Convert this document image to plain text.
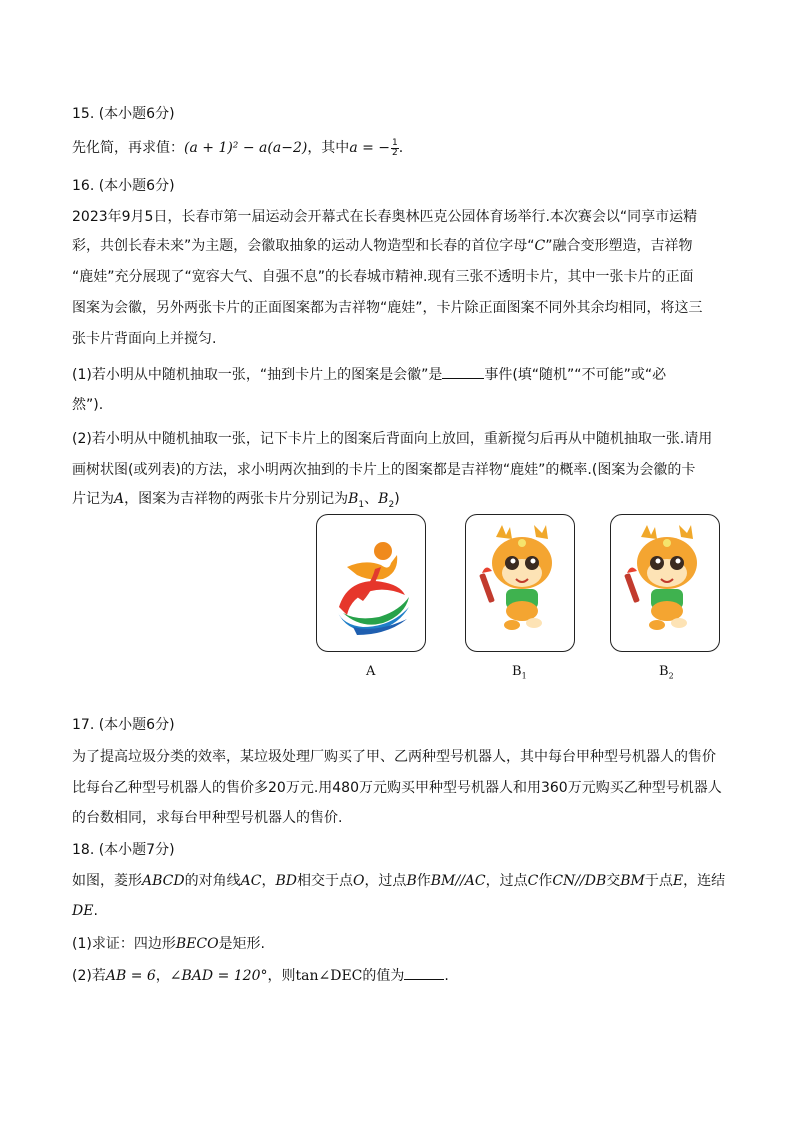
15. (本小题6分)
先化简，再求值：(a + 1)² − a(a−2)，其中a = − $\frac{1}{2}$ .
16. (本小题6分)
2023年9月5日，长春市第一届运动会开幕式在长春奥林匹克公园体育场举行.本次赛会以“同享市运精
彩，共创长春未来”为主题，会徽取抽象的运动人物造型和长春的首位字母“C”融合变形塑造，吉祥物
“鹿娃”充分展现了“宽容大气、自强不息”的长春城市精神.现有三张不透明卡片，其中一张卡片的正面
图案为会徽，另外两张卡片的正面图案都为吉祥物“鹿娃”，卡片除正面图案不同外其余均相同，将这三
张卡片背面向上并搅匀.
(1)若小明从中随机抽取一张，“抽到卡片上的图案是会徽”是	事件(填“随机”“不可能”或“必
然”).
(2)若小明从中随机抽取一张，记下卡片上的图案后背面向上放回，重新搅匀后再从中随机抽取一张.请用
画树状图(或列表)的方法，求小明两次抽到的卡片上的图案都是吉祥物“鹿娃”的概率.(图案为会徽的卡
片记为A，图案为吉祥物的两张卡片分别记为$B_1$、$B_2$)
A	$B_1$	$B_2$
17. (本小题6分)
为了提高垃圾分类的效率，某垃圾处理厂购买了甲、乙两种型号机器人，其中每台甲种型号机器人的售价
比每台乙种型号机器人的售价多20万元.用480万元购买甲种型号机器人和用360万元购买乙种型号机器人
的台数相同，求每台甲种型号机器人的售价.
18. (本小题7分)
如图，菱形ABCD的对角线AC，BD相交于点O，过点B作BM//AC，过点C作CN//DB交BM于点E，连结
DE.
(1)求证：四边形BECO是矩形.
(2)若AB = 6，∠BAD = 120°，则tan∠DEC的值为	.
